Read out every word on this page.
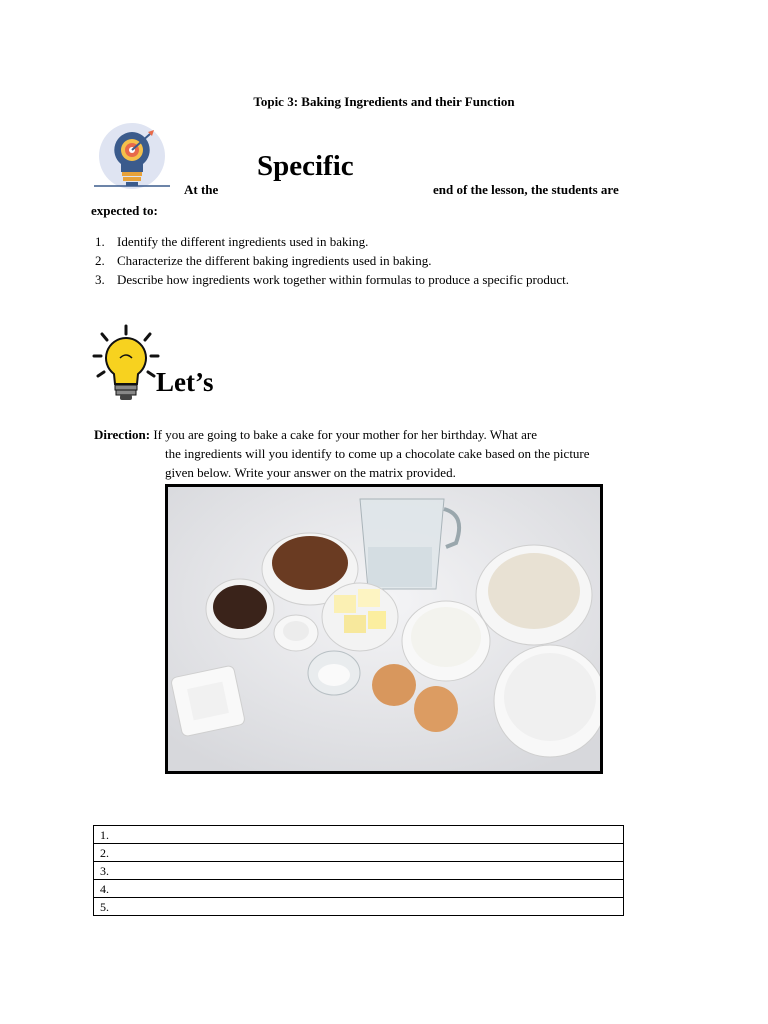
Topic 3: Baking Ingredients and their Function
Specific
At the	end of the lesson, the students are
expected to:
1. Identify the different ingredients used in baking.
2. Characterize the different baking ingredients used in baking.
3. Describe how ingredients work together within formulas to produce a specific product.
Let’s
Direction: If you are going to bake a cake for your mother for her birthday. What are
the ingredients will you identify to come up a chocolate cake based on the picture
given below. Write your answer on the matrix provided.
1.
2.
3.
4.
5.
